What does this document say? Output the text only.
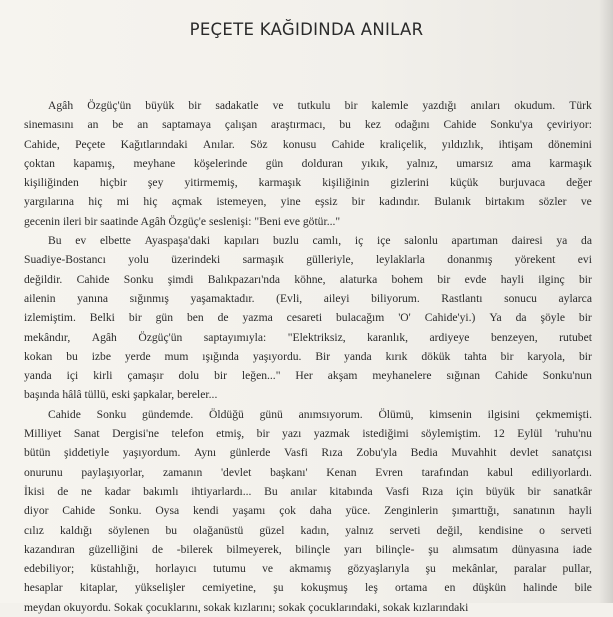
PEÇETE KAĞIDINDA ANILAR
Agâh Özgüç'ün büyük bir sadakatle ve tutkulu bir kalemle yazdığı anıları okudum. Türk
sinemasını an be an saptamaya çalışan araştırmacı, bu kez odağını Cahide Sonku'ya çeviriyor:
Cahide, Peçete Kağıtlarındaki Anılar. Söz konusu Cahide kraliçelik, yıldızlık, ihtişam dönemini
çoktan kapamış, meyhane köşelerinde gün dolduran yıkık, yalnız, umarsız ama karmaşık
kişiliğinden hiçbir şey yitirmemiş, karmaşık kişiliğinin gizlerini küçük burjuvaca değer
yargılarına hiç mi hiç açmak istemeyen, yine eşsiz bir kadındır. Bulanık birtakım sözler ve
gecenin ileri bir saatinde Agâh Özgüç'e seslenişi: "Beni eve götür..."
Bu ev elbette Ayaspaşa'daki kapıları buzlu camlı, iç içe salonlu apartıman dairesi ya da
Suadiye-Bostancı yolu üzerindeki sarmaşık gülleriyle, leylaklarla donanmış yörekent evi
değildir. Cahide Sonku şimdi Balıkpazarı'nda köhne, alaturka bohem bir evde hayli ilginç bir
ailenin yanına sığınmış yaşamaktadır. (Evli, aileyi biliyorum. Rastlantı sonucu aylarca
izlemiştim. Belki bir gün ben de yazma cesareti bulacağım 'O' Cahide'yi.) Ya da şöyle bir
mekândır, Agâh Özgüç'ün saptayımıyla: "Elektriksiz, karanlık, ardiyeye benzeyen, rutubet
kokan bu izbe yerde mum ışığında yaşıyordu. Bir yanda kırık dökük tahta bir karyola, bir
yanda içi kirli çamaşır dolu bir leğen..." Her akşam meyhanelere sığınan Cahide Sonku'nun
başında hâlâ tüllü, eski şapkalar, bereler...
Cahide Sonku gündemde. Öldüğü günü anımsıyorum. Ölümü, kimsenin ilgisini çekmemişti.
Milliyet Sanat Dergisi'ne telefon etmiş, bir yazı yazmak istediğimi söylemiştim. 12 Eylül 'ruhu'nu
bütün şiddetiyle yaşıyordum. Aynı günlerde Vasfi Rıza Zobu'yla Bedia Muvahhit devlet sanatçısı
onurunu paylaşıyorlar, zamanın 'devlet başkanı' Kenan Evren tarafından kabul ediliyorlardı.
İkisi de ne kadar bakımlı ihtiyarlardı... Bu anılar kitabında Vasfi Rıza için büyük bir sanatkâr
diyor Cahide Sonku. Oysa kendi yaşamı çok daha yüce. Zenginlerin şımarttığı, sanatının hayli
cılız kaldığı söylenen bu olağanüstü güzel kadın, yalnız serveti değil, kendisine o serveti
kazandıran güzelliğini de -bilerek bilmeyerek, bilinçle yarı bilinçle- şu alımsatım dünyasına iade
edebiliyor; küstahlığı, horlayıcı tutumu ve akmamış gözyaşlarıyla şu mekânlar, paralar pullar,
hesaplar kitaplar, yükselişler cemiyetine, şu kokuşmuş leş ortama en düşkün halinde bile
meydan okuyordu. Sokak çocuklarını, sokak kızlarını; sokak çocuklarındaki, sokak kızlarındaki
